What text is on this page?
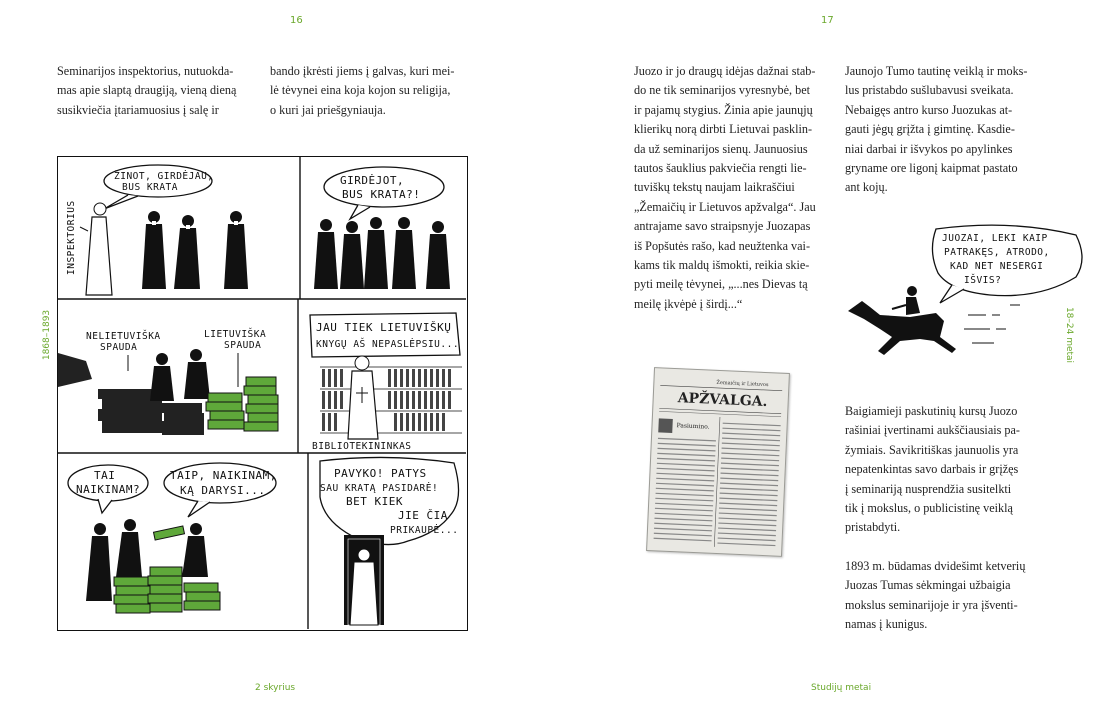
16
1868–1893

Seminarijos inspektorius, nutuokda-
mas apie slaptą draugiją, vieną dieną
susikviečia įtariamuosius į salę ir

bando įkrėsti jiems į galvas, kuri mei-
lė tėvynei eina koja kojon su religija,
o kuri jai priešgyniauja.

INSPEKTORIUS
ŽINOT, GIRDĖJAU,
BUS KRATA
GIRDĖJOT,
BUS KRATA?!
NELIETUVIŠKA
SPAUDA
LIETUVIŠKA
SPAUDA
JAU TIEK LIETUVIŠKŲ
KNYGŲ AŠ NEPASLĖPSIU...
BIBLIOTEKININKAS
TAI
NAIKINAM?
TAIP, NAIKINAM,
KĄ DARYSI...
PAVYKO! PATYS
SAU KRATĄ PASIDARĖ!
BET KIEK
JIE ČIA
PRIKAUPĖ...
2 skyrius
17
18–24 metai

Juozo ir jo draugų idėjas dažnai stab-
do ne tik seminarijos vyresnybė, bet
ir pajamų stygius. Žinia apie jaunųjų
klierikų norą dirbti Lietuvai pasklin-
da už seminarijos sienų. Jaunuosius
tautos šauklius pakviečia rengti lie-
tuviškų tekstų naujam laikraščiui
„Žemaičių ir Lietuvos apžvalga“. Jau
antrajame savo straipsnyje Juozapas
iš Popšutės rašo, kad neužtenka vai-
kams tik maldų išmokti, reikia skie-
pyti meilę tėvynei, „...nes Dievas tą
meilę įkvėpė į širdį...“

Jaunojo Tumo tautinę veiklą ir moks-
lus pristabdo sušlubavusi sveikata.
Nebaigęs antro kurso Juozukas at-
gauti jėgų grįžta į gimtinę. Kasdie-
niai darbai ir išvykos po apylinkes
gryname ore ligonį kaipmat pastato
ant kojų.

Baigiamieji paskutinių kursų Juozo
rašiniai įvertinami aukščiausiais pa-
žymiais. Savikritiškas jaunuolis yra
nepatenkintas savo darbais ir grįžęs
į seminariją nusprendžia susitelkti
tik į mokslus, o publicistinę veiklą
pristabdyti.

1893 m. būdamas dvidešimt ketverių
Juozas Tumas sėkmingai užbaigia
mokslus seminarijoje ir yra įšventi-
namas į kunigus.

Studijų metai
Žemaičių ir Lietuvos
APŽVALGA.
Pasiumino.
JUOZAI, LEKI KAIP
PATRAKĘS, ATRODO,
KAD NET NESERGI
IŠVIS?
